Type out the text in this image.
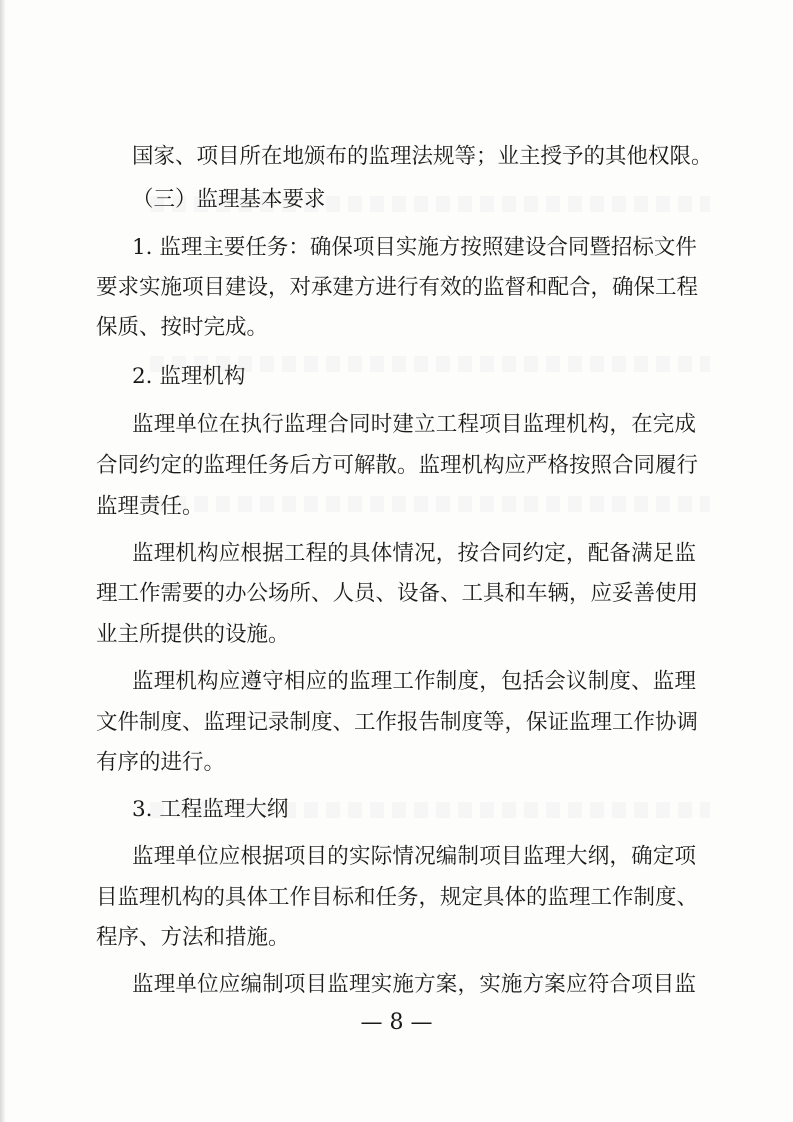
国家、项目所在地颁布的监理法规等；业主授予的其他权限。
（三）监理基本要求
1. 监理主要任务：确保项目实施方按照建设合同暨招标文件
要求实施项目建设，对承建方进行有效的监督和配合，确保工程
保质、按时完成。
2. 监理机构
监理单位在执行监理合同时建立工程项目监理机构，在完成
合同约定的监理任务后方可解散。监理机构应严格按照合同履行
监理责任。
监理机构应根据工程的具体情况，按合同约定，配备满足监
理工作需要的办公场所、人员、设备、工具和车辆，应妥善使用
业主所提供的设施。
监理机构应遵守相应的监理工作制度，包括会议制度、监理
文件制度、监理记录制度、工作报告制度等，保证监理工作协调
有序的进行。
3. 工程监理大纲
监理单位应根据项目的实际情况编制项目监理大纲，确定项
目监理机构的具体工作目标和任务，规定具体的监理工作制度、
程序、方法和措施。
监理单位应编制项目监理实施方案，实施方案应符合项目监
— 8 —
